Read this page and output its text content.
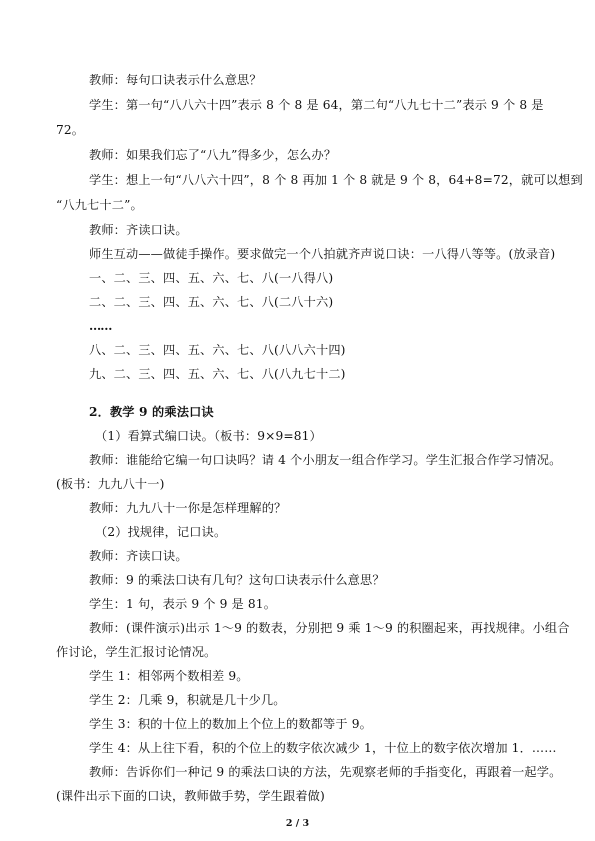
教师：每句口诀表示什么意思？
学生：第一句“八八六十四”表示 8 个 8 是 64，第二句“八九七十二”表示 9 个 8 是
72。
教师：如果我们忘了“八九”得多少，怎么办？
学生：想上一句“八八六十四”，8 个 8 再加 1 个 8 就是 9 个 8，64+8=72，就可以想到
“八九七十二”。
教师：齐读口诀。
师生互动——做徒手操作。要求做完一个八拍就齐声说口诀：一八得八等等。(放录音)
一、二、三、四、五、六、七、八(一八得八)
二、二、三、四、五、六、七、八(二八十六)
……
八、二、三、四、五、六、七、八(八八六十四)
九、二、三、四、五、六、七、八(八九七十二)
2．教学 9 的乘法口诀
（1）看算式编口诀。（板书：9×9=81）
教师：谁能给它编一句口诀吗？请 4 个小朋友一组合作学习。学生汇报合作学习情况。
(板书：九九八十一)
教师：九九八十一你是怎样理解的？
（2）找规律，记口诀。
教师：齐读口诀。
教师：9 的乘法口诀有几句？这句口诀表示什么意思？
学生：1 句，表示 9 个 9 是 81。
教师：(课件演示)出示 1～9 的数表，分别把 9 乘 1～9 的积圈起来，再找规律。小组合
作讨论，学生汇报讨论情况。
学生 1：相邻两个数相差 9。
学生 2：几乘 9，积就是几十少几。
学生 3：积的十位上的数加上个位上的数都等于 9。
2 / 3
学生 4：从上往下看，积的个位上的数字依次减少 1，十位上的数字依次增加 1．……
教师：告诉你们一种记 9 的乘法口诀的方法，先观察老师的手指变化，再跟着一起学。
(课件出示下面的口诀，教师做手势，学生跟着做)
